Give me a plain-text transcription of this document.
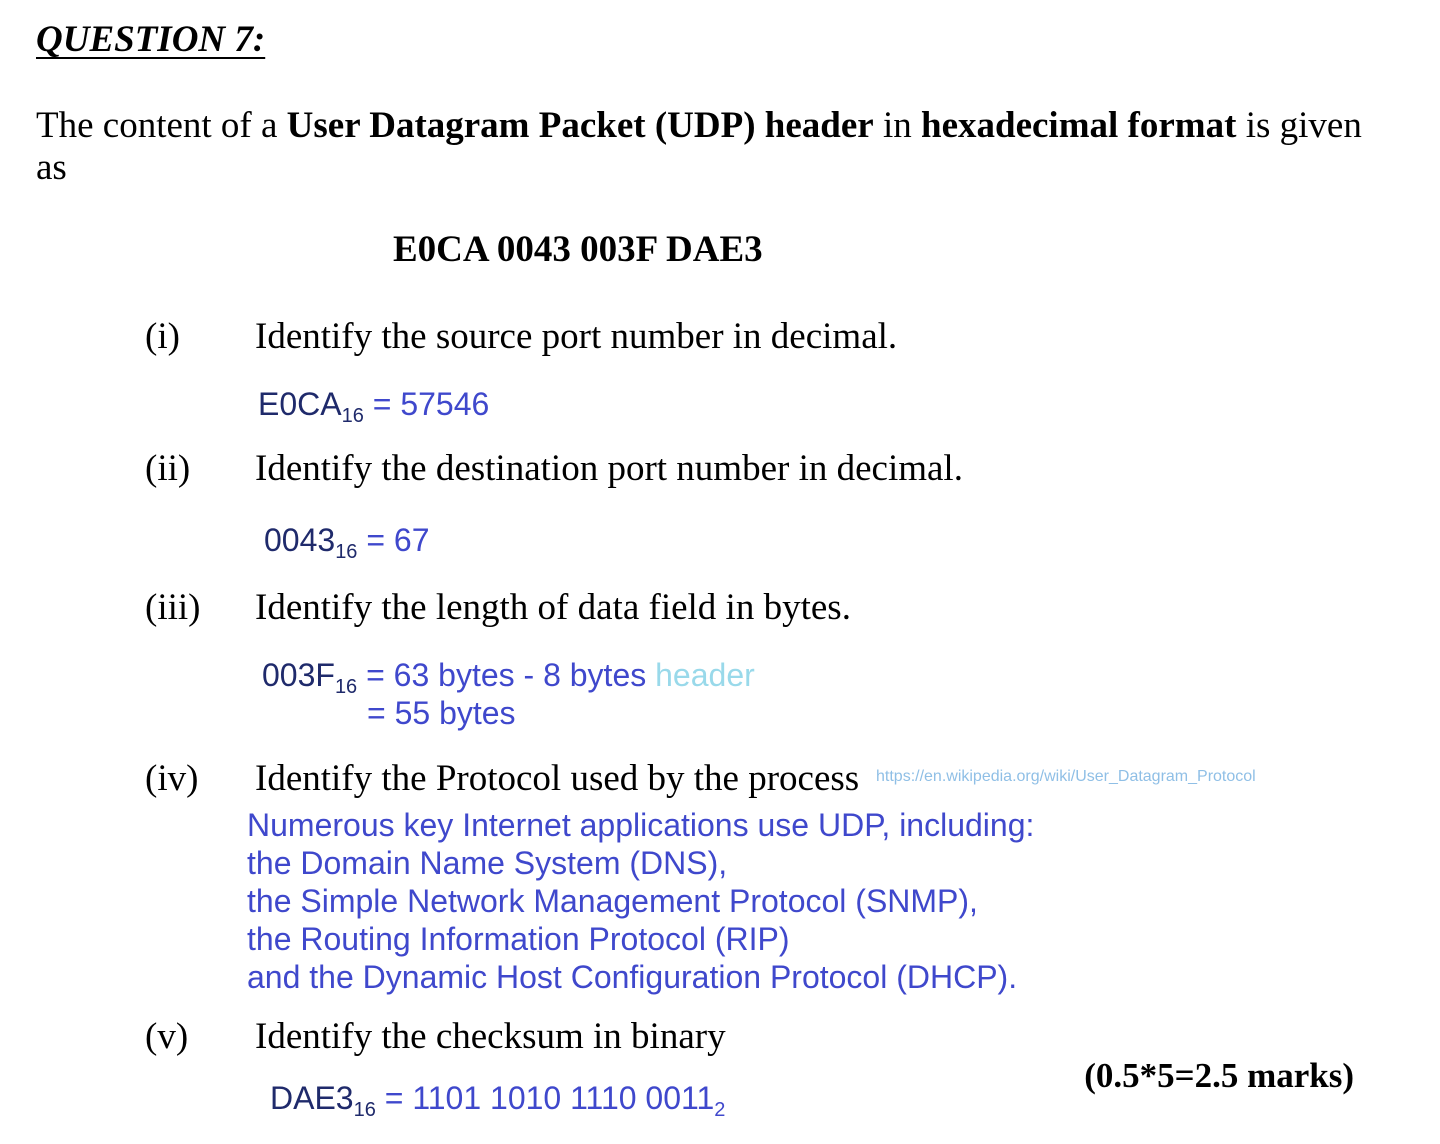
QUESTION 7:
The content of a User Datagram Packet (UDP) header in hexadecimal format is given
as
E0CA 0043 003F DAE3
(i) Identify the source port number in decimal.
$E0CA_{16} = 57546$
(ii) Identify the destination port number in decimal.
$0043_{16} = 67$
(iii) Identify the length of data field in bytes.
$003F_{16} = 63$ bytes - 8 bytes header
= 55 bytes
(iv) Identify the Protocol used by the process https://en.wikipedia.org/wiki/User_Datagram_Protocol
Numerous key Internet applications use UDP, including:
the Domain Name System (DNS),
the Simple Network Management Protocol (SNMP),
the Routing Information Protocol (RIP)
and the Dynamic Host Configuration Protocol (DHCP).
(v) Identify the checksum in binary
$DAE3_{16} = 1101$ 1010 1110 $0011_2$
(0.5*5=2.5 marks)
